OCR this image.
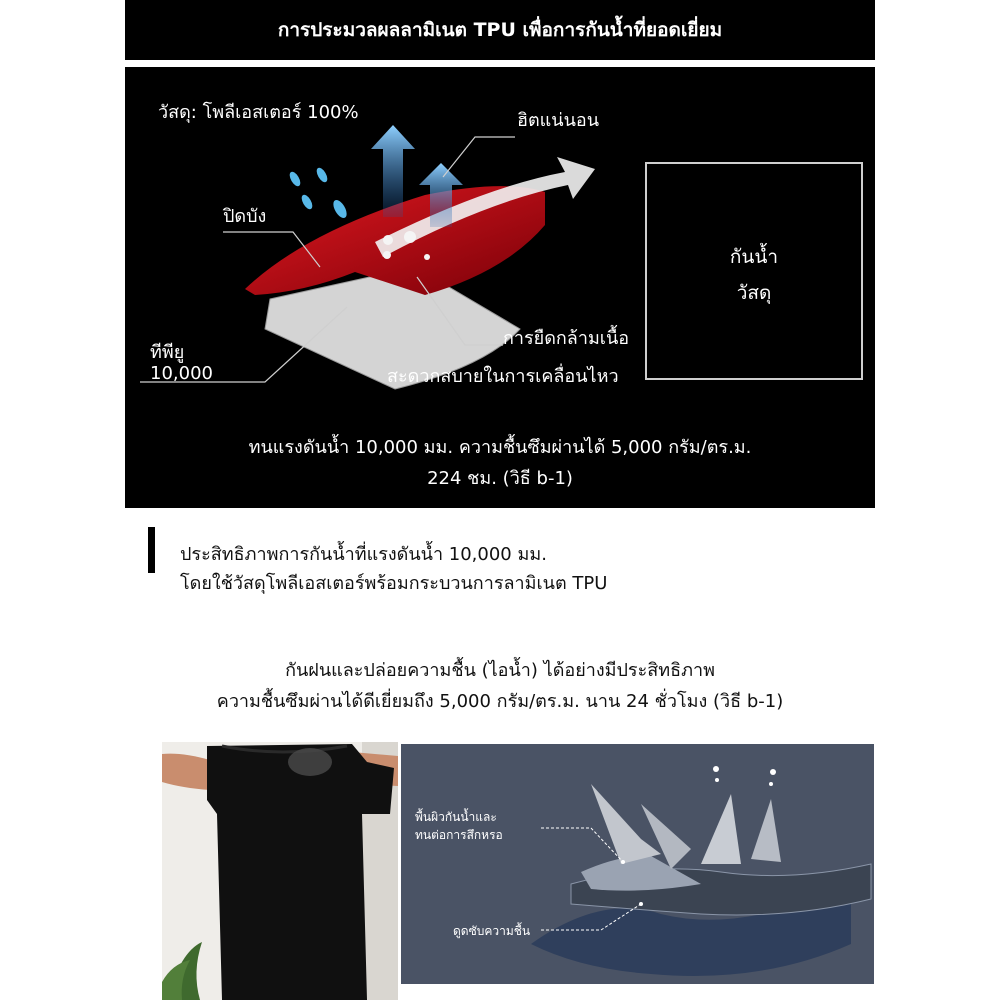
การประมวลผลลามิเนต TPU เพื่อการกันน้ำที่ยอดเยี่ยม
วัสดุ: โพลีเอสเตอร์ 100%	ฮิตแน่นอน
ปิดบัง
ทีพียู
10,000
การยืดกล้ามเนื้อ
สะดวกสบายในการเคลื่อนไหว
กันน้ำ
วัสดุ
ทนแรงดันน้ำ 10,000 มม. ความชื้นซึมผ่านได้ 5,000 กรัม/ตร.ม.
224 ชม. (วิธี b-1)
ประสิทธิภาพการกันน้ำที่แรงดันน้ำ 10,000 มม.
โดยใช้วัสดุโพลีเอสเตอร์พร้อมกระบวนการลามิเนต TPU
กันฝนและปล่อยความชื้น (ไอน้ำ) ได้อย่างมีประสิทธิภาพ
ความชื้นซึมผ่านได้ดีเยี่ยมถึง 5,000 กรัม/ตร.ม. นาน 24 ชั่วโมง (วิธี b-1)
พื้นผิวกันน้ำและ
ทนต่อการสึกหรอ
ดูดซับความชื้น
